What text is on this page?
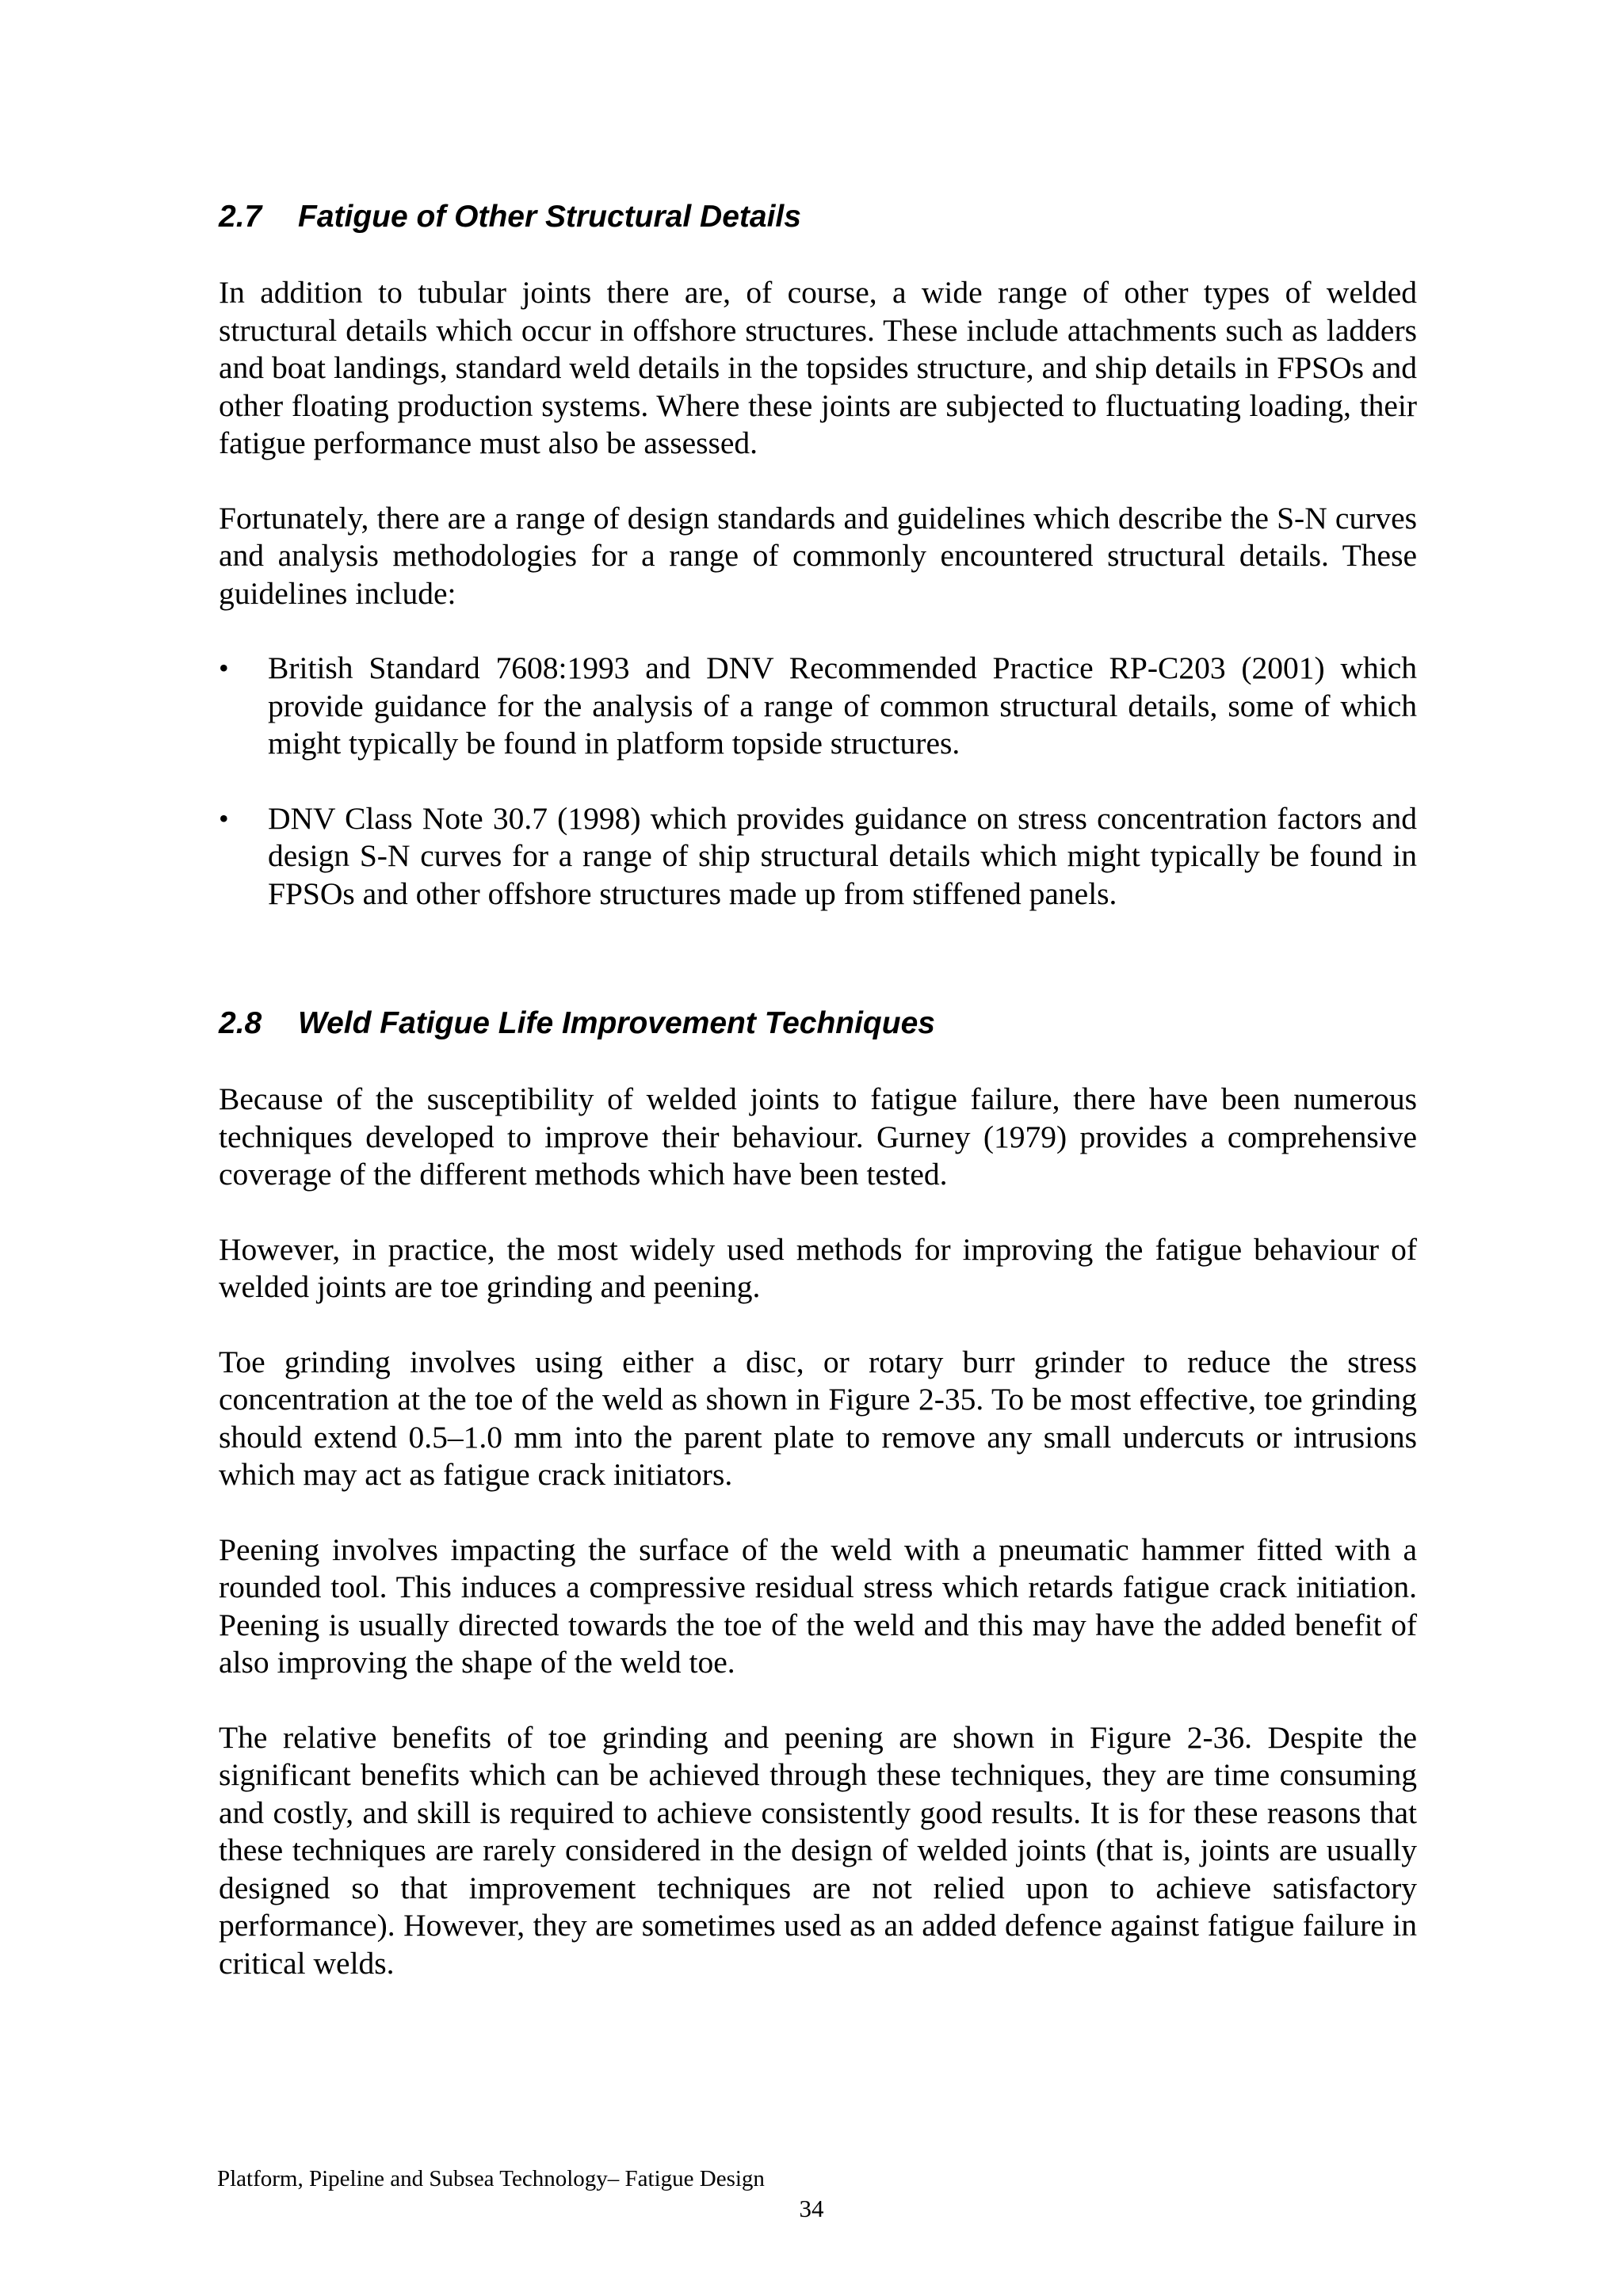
2.7	Fatigue of Other Structural Details

In addition to tubular joints there are, of course, a wide range of other types of welded structural details which occur in offshore structures. These include attachments such as ladders and boat landings, standard weld details in the topsides structure, and ship details in FPSOs and other floating production systems. Where these joints are subjected to fluctuating loading, their fatigue performance must also be assessed.

Fortunately, there are a range of design standards and guidelines which describe the S-N curves and analysis methodologies for a range of commonly encountered structural details. These guidelines include:

•	British Standard 7608:1993 and DNV Recommended Practice RP-C203 (2001) which provide guidance for the analysis of a range of common structural details, some of which might typically be found in platform topside structures.
•	DNV Class Note 30.7 (1998) which provides guidance on stress concentration factors and design S-N curves for a range of ship structural details which might typically be found in FPSOs and other offshore structures made up from stiffened panels.
2.8	Weld Fatigue Life Improvement Techniques

Because of the susceptibility of welded joints to fatigue failure, there have been numerous techniques developed to improve their behaviour. Gurney (1979) provides a comprehensive coverage of the different methods which have been tested.

However, in practice, the most widely used methods for improving the fatigue behaviour of welded joints are toe grinding and peening.

Toe grinding involves using either a disc, or rotary burr grinder to reduce the stress concentration at the toe of the weld as shown in Figure 2-35. To be most effective, toe grinding should extend 0.5–1.0 mm into the parent plate to remove any small undercuts or intrusions which may act as fatigue crack initiators.

Peening involves impacting the surface of the weld with a pneumatic hammer fitted with a rounded tool. This induces a compressive residual stress which retards fatigue crack initiation. Peening is usually directed towards the toe of the weld and this may have the added benefit of also improving the shape of the weld toe.

The relative benefits of toe grinding and peening are shown in Figure 2-36. Despite the significant benefits which can be achieved through these techniques, they are time consuming and costly, and skill is required to achieve consistently good results. It is for these reasons that these techniques are rarely considered in the design of welded joints (that is, joints are usually designed so that improvement techniques are not relied upon to achieve satisfactory performance). However, they are sometimes used as an added defence against fatigue failure in critical welds.

Platform, Pipeline and Subsea Technology– Fatigue Design
34
